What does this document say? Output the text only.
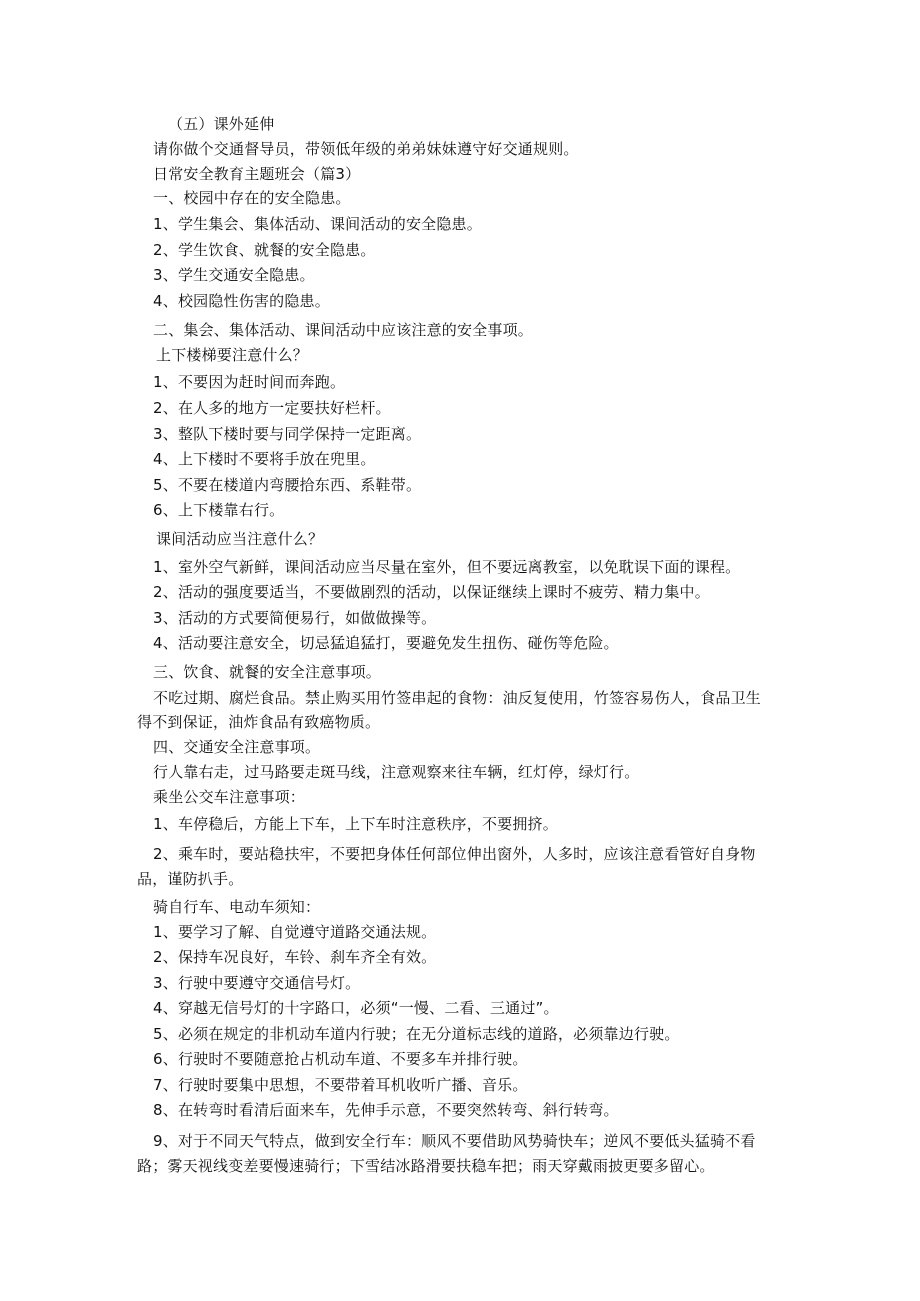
（五）课外延伸
请你做个交通督导员，带领低年级的弟弟妹妹遵守好交通规则。
日常安全教育主题班会（篇3）
一、校园中存在的安全隐患。
1、学生集会、集体活动、课间活动的安全隐患。
2、学生饮食、就餐的安全隐患。
3、学生交通安全隐患。
4、校园隐性伤害的隐患。
二、集会、集体活动、课间活动中应该注意的安全事项。
上下楼梯要注意什么？
1、不要因为赶时间而奔跑。
2、在人多的地方一定要扶好栏杆。
3、整队下楼时要与同学保持一定距离。
4、上下楼时不要将手放在兜里。
5、不要在楼道内弯腰拾东西、系鞋带。
6、上下楼靠右行。
课间活动应当注意什么？
1、室外空气新鲜，课间活动应当尽量在室外，但不要远离教室，以免耽误下面的课程。
2、活动的强度要适当，不要做剧烈的活动，以保证继续上课时不疲劳、精力集中。
3、活动的方式要简便易行，如做做操等。
4、活动要注意安全，切忌猛追猛打，要避免发生扭伤、碰伤等危险。
三、饮食、就餐的安全注意事项。
不吃过期、腐烂食品。禁止购买用竹签串起的食物：油反复使用，竹签容易伤人，食品卫生
得不到保证，油炸食品有致癌物质。
四、交通安全注意事项。
行人靠右走，过马路要走斑马线，注意观察来往车辆，红灯停，绿灯行。
乘坐公交车注意事项：
1、车停稳后，方能上下车，上下车时注意秩序，不要拥挤。
2、乘车时，要站稳扶牢，不要把身体任何部位伸出窗外，人多时，应该注意看管好自身物
品，谨防扒手。
骑自行车、电动车须知：
1、要学习了解、自觉遵守道路交通法规。
2、保持车况良好，车铃、刹车齐全有效。
3、行驶中要遵守交通信号灯。
4、穿越无信号灯的十字路口，必须“一慢、二看、三通过”。
5、必须在规定的非机动车道内行驶；在无分道标志线的道路，必须靠边行驶。
6、行驶时不要随意抢占机动车道、不要多车并排行驶。
7、行驶时要集中思想，不要带着耳机收听广播、音乐。
8、在转弯时看清后面来车，先伸手示意，不要突然转弯、斜行转弯。
9、对于不同天气特点，做到安全行车：顺风不要借助风势骑快车；逆风不要低头猛骑不看
路；雾天视线变差要慢速骑行；下雪结冰路滑要扶稳车把；雨天穿戴雨披更要多留心。
